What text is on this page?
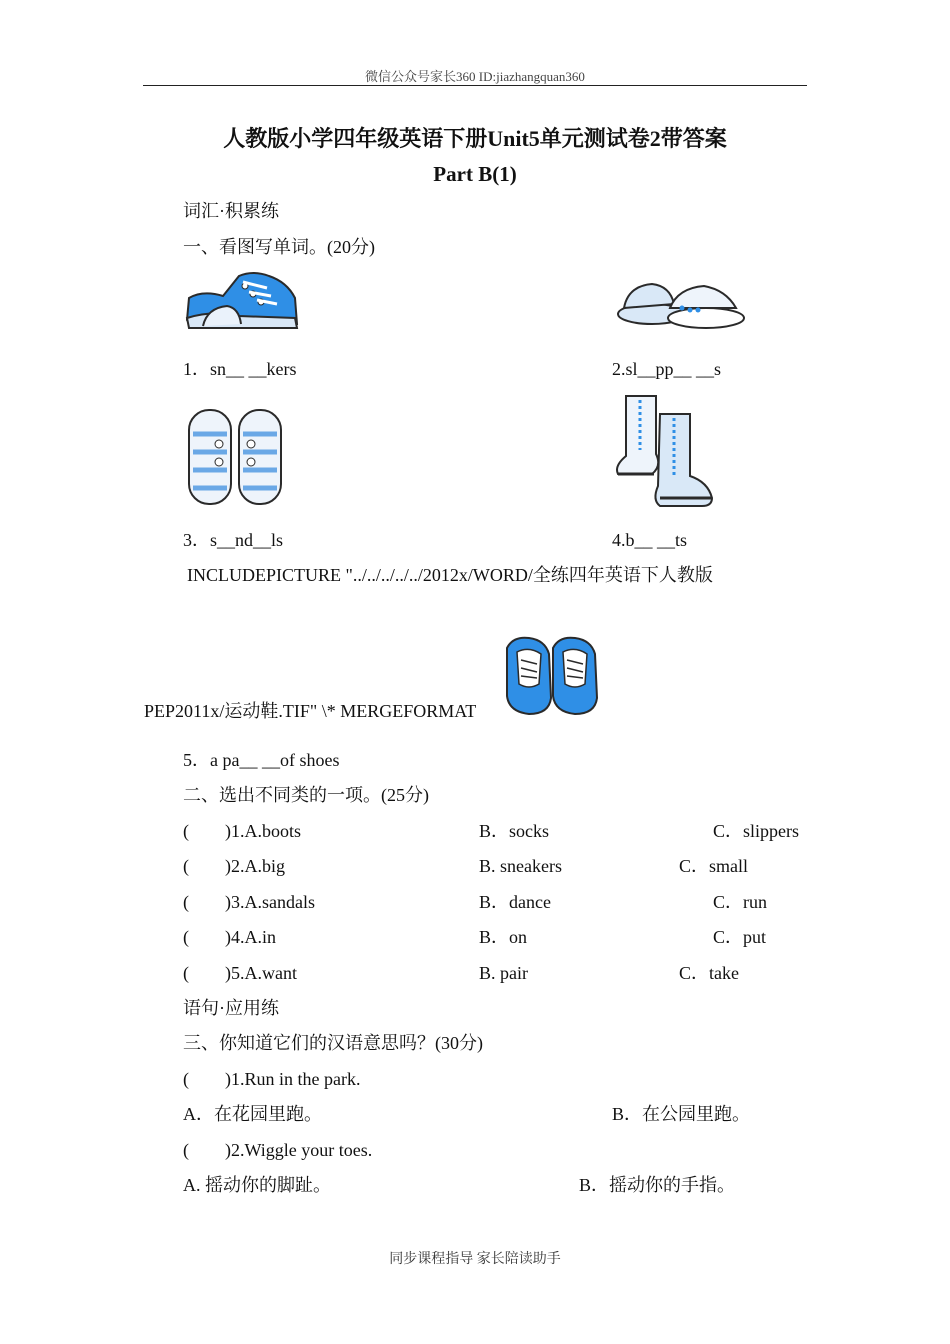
微信公众号家长360 ID:jiazhangquan360
人教版小学四年级英语下册Unit5单元测试卷2带答案
Part B(1)
词汇·积累练
一、看图写单词。(20分)
1．sn__ __kers	2.sl__pp__ __s
3．s__nd__ls	4.b__ __ts
INCLUDEPICTURE "../../../../../2012x/WORD/全练四年英语下人教版
PEP2011x/运动鞋.TIF" \* MERGEFORMAT
5．a pa__ __of shoes
二、选出不同类的一项。(25分)
(　　)1.A.boots	B．socks	C．slippers
(　　)2.A.big	B. sneakers	C．small
(　　)3.A.sandals	B．dance	C．run
(　　)4.A.in	B．on	C．put
(　　)5.A.want	B. pair	C．take
语句·应用练
三、你知道它们的汉语意思吗？(30分)
(　　)1.Run in the park.
A．在花园里跑。	B．在公园里跑。
(　　)2.Wiggle your toes.
A. 摇动你的脚趾。	B．摇动你的手指。
同步课程指导 家长陪读助手
